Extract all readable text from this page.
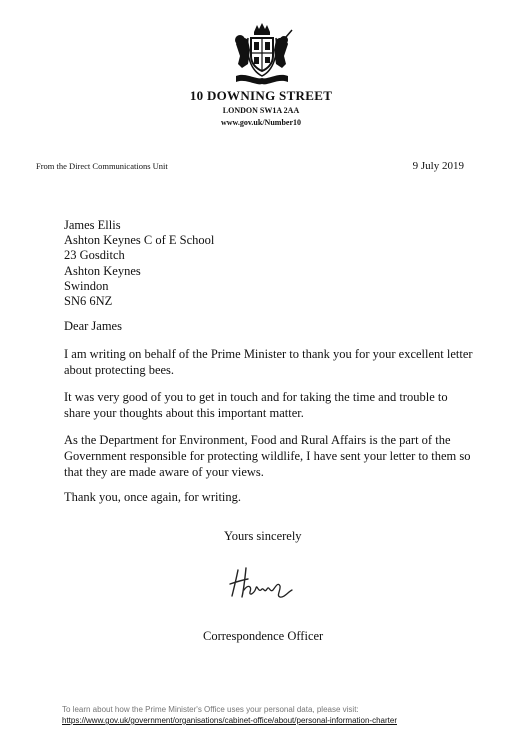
10 DOWNING STREET
LONDON SW1A 2AA
www.gov.uk/Number10
From the Direct Communications Unit	9 July 2019
James Ellis
Ashton Keynes C of E School
23 Gosditch
Ashton Keynes
Swindon
SN6 6NZ
Dear James
I am writing on behalf of the Prime Minister to thank you for your excellent letter about protecting bees.
It was very good of you to get in touch and for taking the time and trouble to share your thoughts about this important matter.
As the Department for Environment, Food and Rural Affairs is the part of the Government responsible for protecting wildlife, I have sent your letter to them so that they are made aware of your views.
Thank you, once again, for writing.
Yours sincerely
Correspondence Officer
To learn about how the Prime Minister's Office uses your personal data, please visit:
https://www.gov.uk/government/organisations/cabinet-office/about/personal-information-charter
